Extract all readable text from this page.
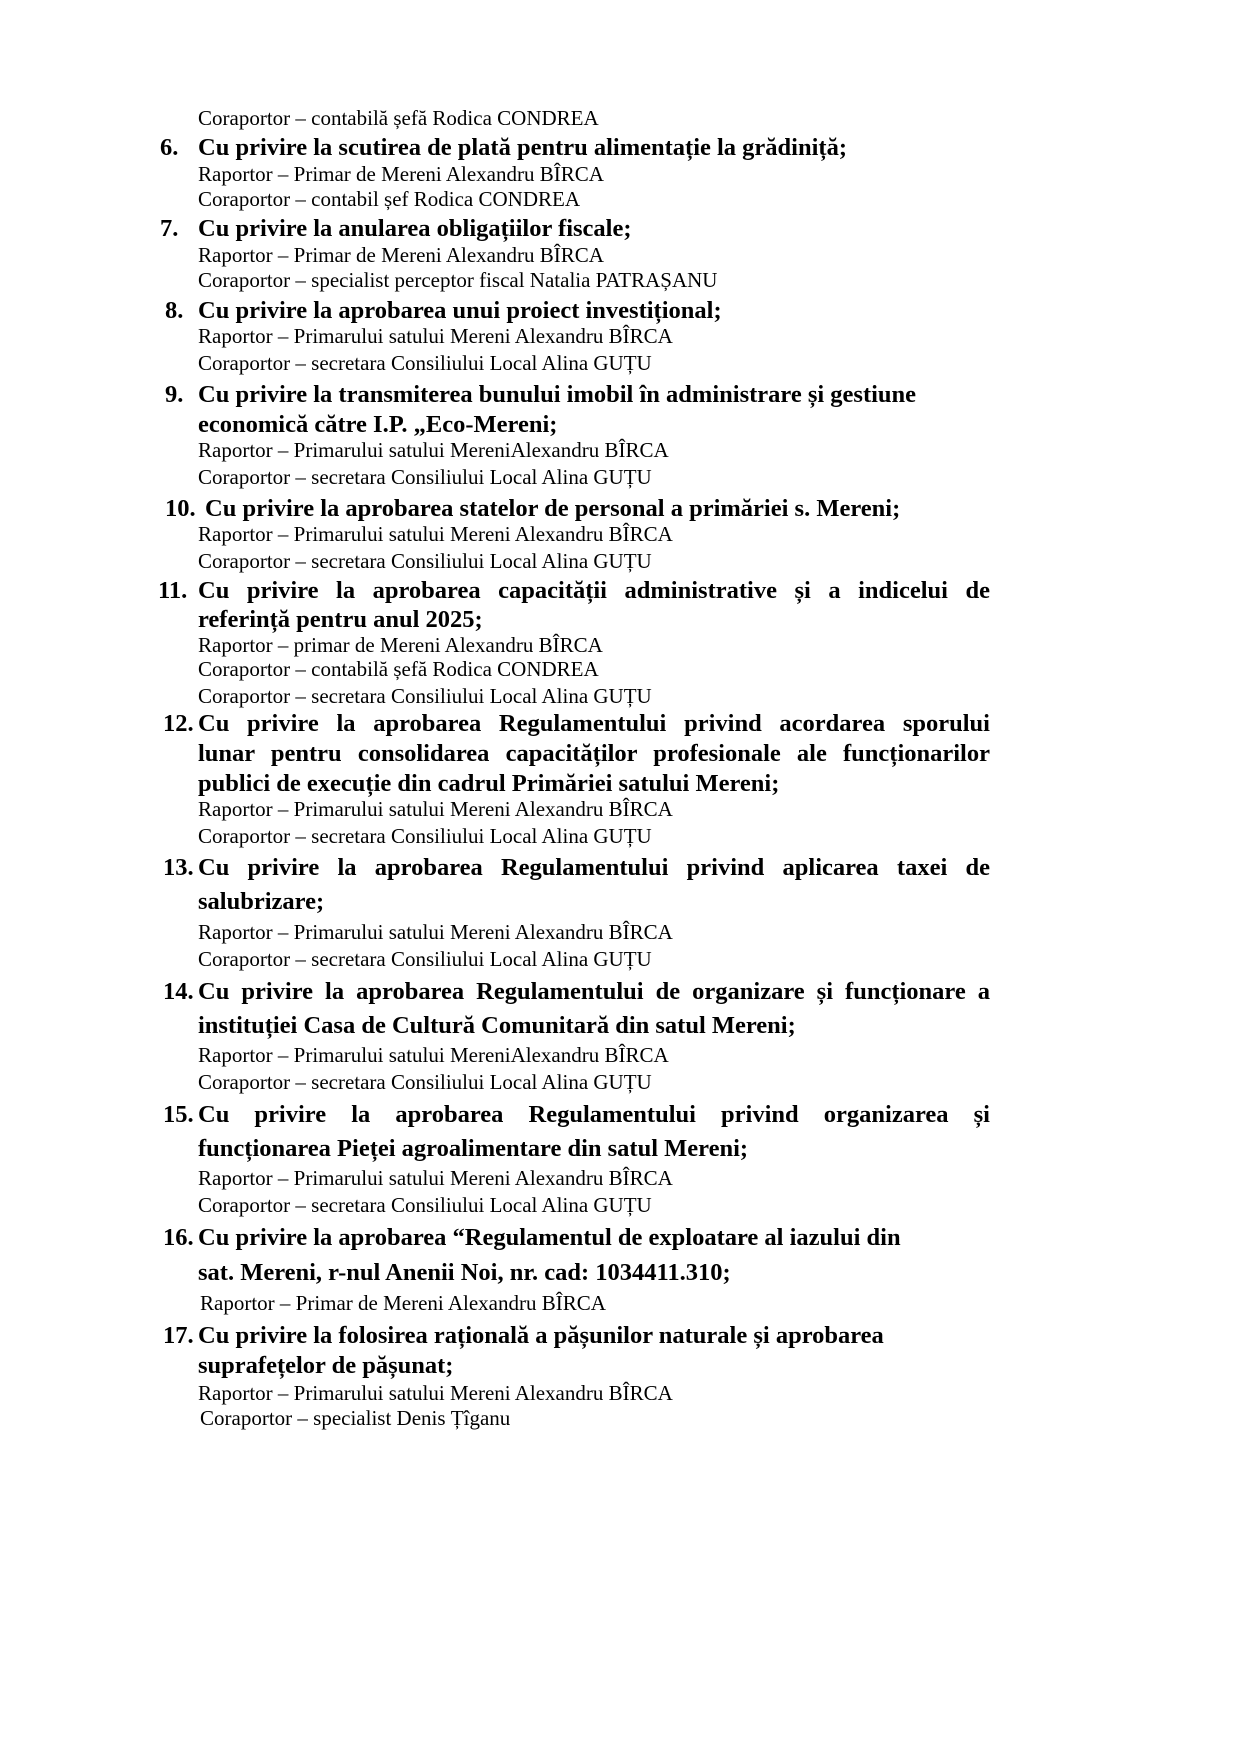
Coraportor – contabilă șefă Rodica CONDREA
6. Cu privire la scutirea de plată pentru alimentație la grădiniță;
Raportor – Primar de Mereni Alexandru BÎRCA
Coraportor – contabil șef Rodica CONDREA
7. Cu privire la anularea obligațiilor fiscale;
Raportor – Primar de Mereni Alexandru BÎRCA
Coraportor – specialist perceptor fiscal Natalia PATRAȘANU
8. Cu privire la aprobarea unui proiect investițional;
Raportor – Primarului satului Mereni Alexandru BÎRCA
Coraportor – secretara Consiliului Local Alina GUȚU
9. Cu privire la transmiterea bunului imobil în administrare și gestiune
economică către I.P. „Eco-Mereni;
Raportor – Primarului satului MereniAlexandru BÎRCA
Coraportor – secretara Consiliului Local Alina GUȚU
10. Cu privire la aprobarea statelor de personal a primăriei s. Mereni;
Raportor – Primarului satului Mereni Alexandru BÎRCA
Coraportor – secretara Consiliului Local Alina GUȚU
11. Cu privire la aprobarea capacității administrative și a indicelui de
referință pentru anul 2025;
Raportor – primar de Mereni Alexandru BÎRCA
Coraportor – contabilă șefă Rodica CONDREA
Coraportor – secretara Consiliului Local Alina GUȚU
12. Cu privire la aprobarea Regulamentului privind acordarea sporului
lunar pentru consolidarea capacităților profesionale ale funcționarilor
publici de execuție din cadrul Primăriei satului Mereni;
Raportor – Primarului satului Mereni Alexandru BÎRCA
Coraportor – secretara Consiliului Local Alina GUȚU
13. Cu privire la aprobarea Regulamentului privind aplicarea taxei de
salubrizare;
Raportor – Primarului satului Mereni Alexandru BÎRCA
Coraportor – secretara Consiliului Local Alina GUȚU
14. Cu privire la aprobarea Regulamentului de organizare și funcționare a
instituției Casa de Cultură Comunitară din satul Mereni;
Raportor – Primarului satului MereniAlexandru BÎRCA
Coraportor – secretara Consiliului Local Alina GUȚU
15. Cu privire la aprobarea Regulamentului privind organizarea și
funcționarea Pieței agroalimentare din satul Mereni;
Raportor – Primarului satului Mereni Alexandru BÎRCA
Coraportor – secretara Consiliului Local Alina GUȚU
16. Cu privire la aprobarea “Regulamentul de exploatare al iazului din
sat. Mereni, r-nul Anenii Noi, nr. cad: 1034411.310;
Raportor – Primar de Mereni Alexandru BÎRCA
17. Cu privire la folosirea rațională a pășunilor naturale și aprobarea
suprafețelor de pășunat;
Raportor – Primarului satului Mereni Alexandru BÎRCA
Coraportor – specialist Denis Țîganu
